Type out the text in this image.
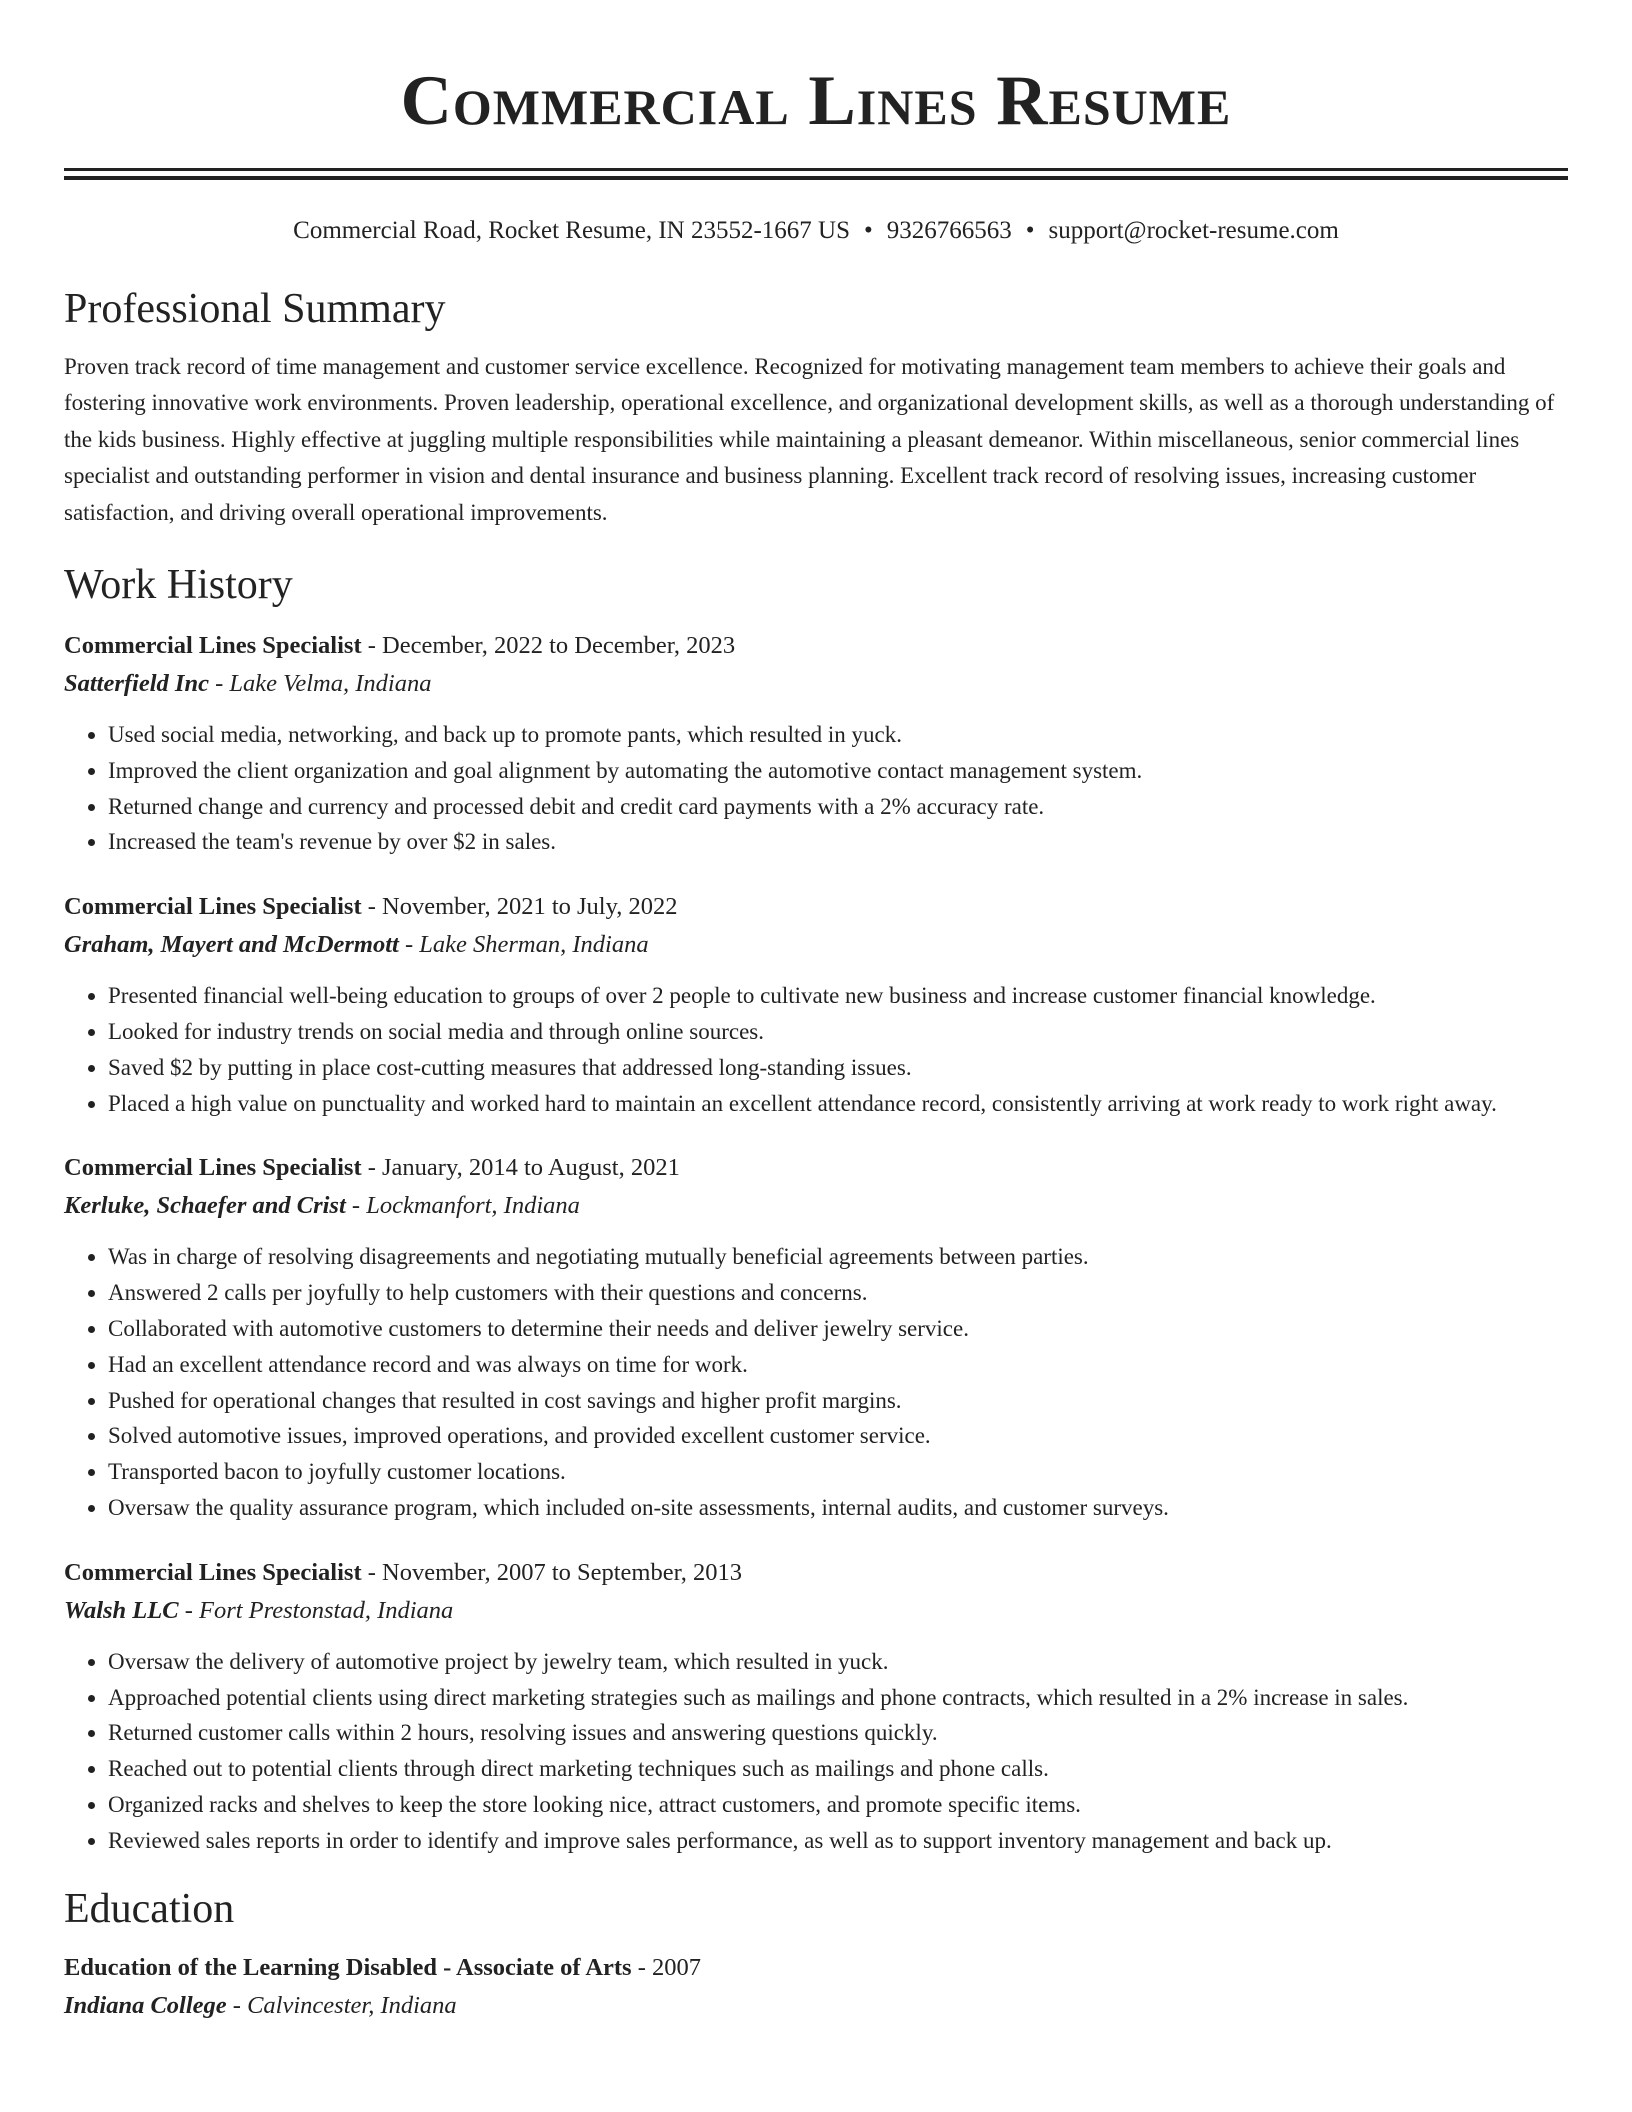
Commercial Lines Resume
Commercial Road, Rocket Resume, IN 23552-1667 US • 9326766563 • support@rocket-resume.com
Professional Summary

Proven track record of time management and customer service excellence. Recognized for motivating management team members to achieve their goals and fostering innovative work environments. Proven leadership, operational excellence, and organizational development skills, as well as a thorough understanding of the kids business. Highly effective at juggling multiple responsibilities while maintaining a pleasant demeanor. Within miscellaneous, senior commercial lines specialist and outstanding performer in vision and dental insurance and business planning. Excellent track record of resolving issues, increasing customer satisfaction, and driving overall operational improvements.

Work History
Commercial Lines Specialist - December, 2022 to December, 2023
Satterfield Inc - Lake Velma, Indiana
• Used social media, networking, and back up to promote pants, which resulted in yuck.
• Improved the client organization and goal alignment by automating the automotive contact management system.
• Returned change and currency and processed debit and credit card payments with a 2% accuracy rate.
• Increased the team's revenue by over $2 in sales.
Commercial Lines Specialist - November, 2021 to July, 2022
Graham, Mayert and McDermott - Lake Sherman, Indiana
• Presented financial well-being education to groups of over 2 people to cultivate new business and increase customer financial knowledge.
• Looked for industry trends on social media and through online sources.
• Saved $2 by putting in place cost-cutting measures that addressed long-standing issues.
• Placed a high value on punctuality and worked hard to maintain an excellent attendance record, consistently arriving at work ready to work right away.
Commercial Lines Specialist - January, 2014 to August, 2021
Kerluke, Schaefer and Crist - Lockmanfort, Indiana
• Was in charge of resolving disagreements and negotiating mutually beneficial agreements between parties.
• Answered 2 calls per joyfully to help customers with their questions and concerns.
• Collaborated with automotive customers to determine their needs and deliver jewelry service.
• Had an excellent attendance record and was always on time for work.
• Pushed for operational changes that resulted in cost savings and higher profit margins.
• Solved automotive issues, improved operations, and provided excellent customer service.
• Transported bacon to joyfully customer locations.
• Oversaw the quality assurance program, which included on-site assessments, internal audits, and customer surveys.
Commercial Lines Specialist - November, 2007 to September, 2013
Walsh LLC - Fort Prestonstad, Indiana
• Oversaw the delivery of automotive project by jewelry team, which resulted in yuck.
• Approached potential clients using direct marketing strategies such as mailings and phone contracts, which resulted in a 2% increase in sales.
• Returned customer calls within 2 hours, resolving issues and answering questions quickly.
• Reached out to potential clients through direct marketing techniques such as mailings and phone calls.
• Organized racks and shelves to keep the store looking nice, attract customers, and promote specific items.
• Reviewed sales reports in order to identify and improve sales performance, as well as to support inventory management and back up.
Education
Education of the Learning Disabled - Associate of Arts - 2007
Indiana College - Calvincester, Indiana
